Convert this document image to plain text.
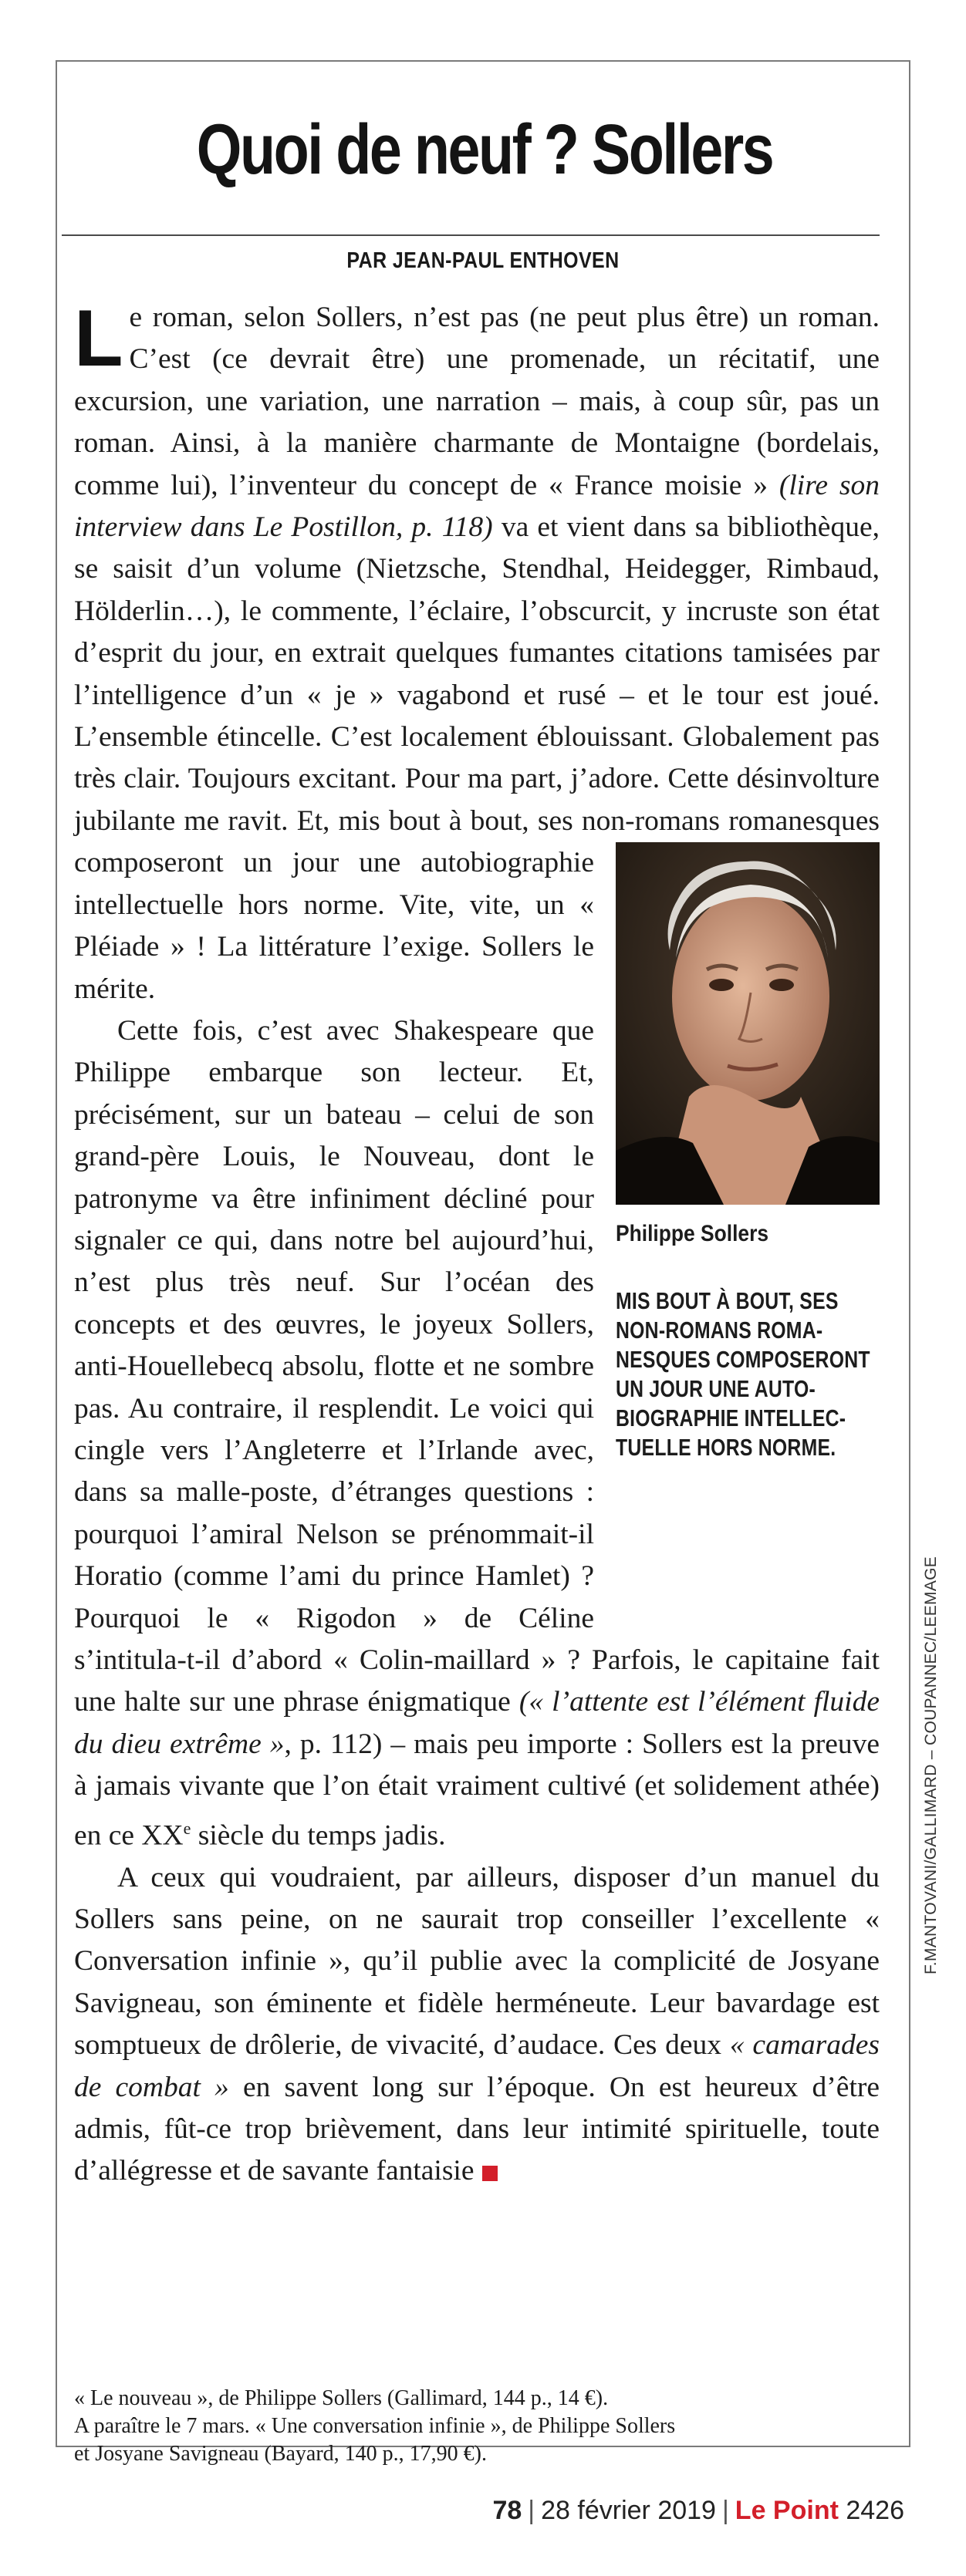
Quoi de neuf ? Sollers
PAR JEAN-PAUL ENTHOVEN

Le roman, selon Sollers, n’est pas (ne peut plus être) un roman. C’est (ce devrait être) une promenade, un récitatif, une excursion, une variation, une narration – mais, à coup sûr, pas un roman. Ainsi, à la manière charmante de Montaigne (bordelais, comme lui), l’inventeur du concept de « France moisie » (lire son interview dans Le Postillon, p. 118) va et vient dans sa bibliothèque, se saisit d’un volume (Nietzsche, Stendhal, Heidegger, Rimbaud, Hölderlin…), le commente, l’éclaire, l’obscurcit, y incruste son état d’esprit du jour, en extrait quelques fumantes citations tamisées par l’intelligence d’un « je » vagabond et rusé – et le tour est joué. L’ensemble étincelle. C’est localement éblouissant. Globalement pas très clair. Toujours excitant. Pour ma part, j’adore. Cette désinvolture jubilante me ravit. Et, mis bout à bout, ses non-romans romanesques composeront
Philippe Sollers
MIS BOUT À BOUT, SES
NON-ROMANS ROMA-
NESQUES COMPOSERONT
UN JOUR UNE AUTO-
BIOGRAPHIE INTELLEC-
TUELLE HORS NORME.
un jour une autobiographie intellectuelle hors norme. Vite, vite, un « Pléiade » ! La littérature l’exige. Sollers le mérite.

Cette fois, c’est avec Shakespeare que Philippe embarque son lecteur. Et, précisément, sur un bateau – celui de son grand-père Louis, le Nouveau, dont le patronyme va être infiniment décliné pour signaler ce qui, dans notre bel aujourd’hui, n’est plus très neuf. Sur l’océan des concepts et des œuvres, le joyeux Sollers, anti-Houellebecq absolu, flotte et ne sombre pas. Au contraire, il resplendit. Le voici qui cingle vers l’Angleterre et l’Irlande avec, dans sa malle-poste, d’étranges questions : pourquoi l’amiral Nelson se prénommait-il Horatio (comme l’ami du prince Hamlet) ? Pourquoi le « Rigodon » de Céline s’intitula-t-il d’abord « Colin-maillard » ? Parfois, le capitaine fait une halte sur une phrase énigmatique (« l’attente est l’élément fluide du dieu extrême », p. 112) – mais peu importe : Sollers est la preuve à jamais vivante que l’on était vraiment cultivé (et solidement athée) en ce XXe siècle du temps jadis.

A ceux qui voudraient, par ailleurs, disposer d’un manuel du Sollers sans peine, on ne saurait trop conseiller l’excellente « Conversation infinie », qu’il publie avec la complicité de Josyane Savigneau, son éminente et fidèle herméneute. Leur bavardage est somptueux de drôlerie, de vivacité, d’audace. Ces deux « camarades de combat » en savent long sur l’époque. On est heureux d’être admis, fût-ce trop brièvement, dans leur intimité spirituelle, toute d’allégresse et de savante fantaisie

« Le nouveau », de Philippe Sollers (Gallimard, 144 p., 14 €).
A paraître le 7 mars. « Une conversation infinie », de Philippe Sollers
et Josyane Savigneau (Bayard, 140 p., 17,90 €).
F.MANTOVANI/GALLIMARD – COUPANNEC/LEEMAGE
78 | 28 février 2019 | Le Point 2426
